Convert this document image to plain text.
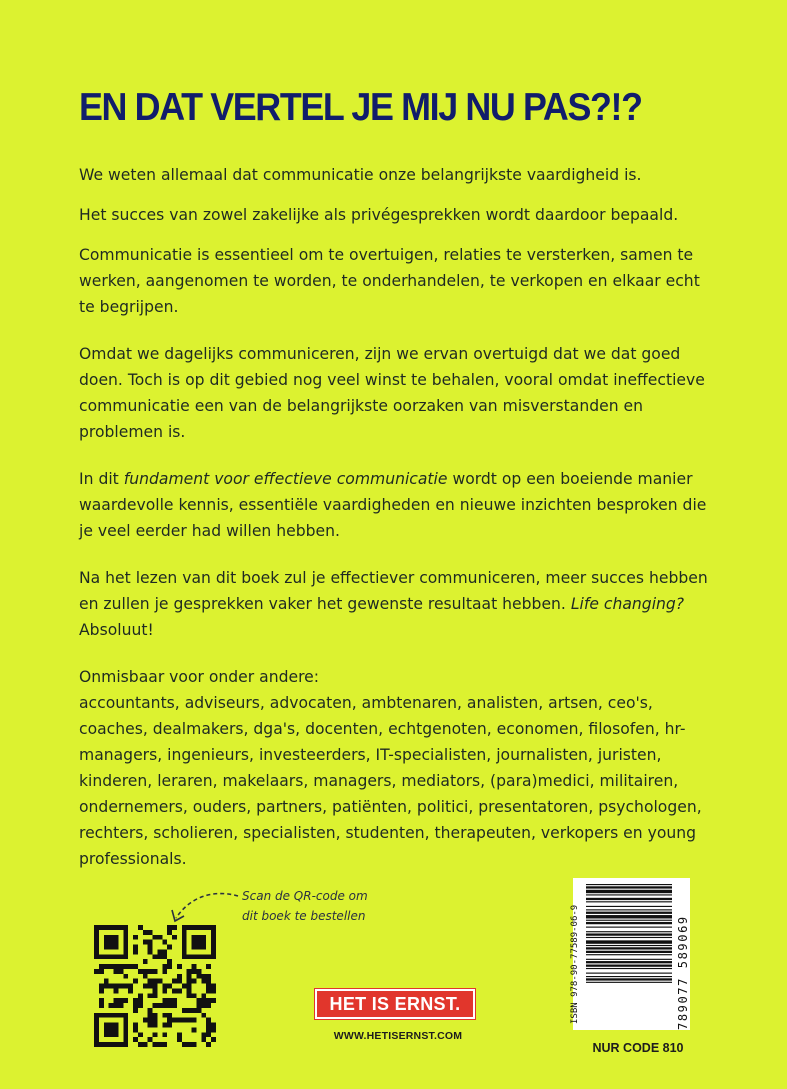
EN DAT VERTEL JE MIJ NU PAS?!?

We weten allemaal dat communicatie onze belangrijkste vaardigheid is.

Het succes van zowel zakelijke als privégesprekken wordt daardoor bepaald.

Communicatie is essentieel om te overtuigen, relaties te versterken, samen te werken, aangenomen te worden, te onderhandelen, te verkopen en elkaar echt te begrijpen.

Omdat we dagelijks communiceren, zijn we ervan overtuigd dat we dat goed doen. Toch is op dit gebied nog veel winst te behalen, vooral omdat ineffectieve communicatie een van de belangrijkste oorzaken van misverstanden en problemen is.

In dit fundament voor effectieve communicatie wordt op een boeiende manier waardevolle kennis, essentiële vaardigheden en nieuwe inzichten besproken die je veel eerder had willen hebben.

Na het lezen van dit boek zul je effectiever communiceren, meer succes hebben en zullen je gesprekken vaker het gewenste resultaat hebben. Life changing? Absoluut!

Onmisbaar voor onder andere:

accountants, adviseurs, advocaten, ambtenaren, analisten, artsen, ceo's, coaches, dealmakers, dga's, docenten, echtgenoten, economen, filosofen, hr-managers, ingenieurs, investeerders, IT-specialisten, journalisten, juristen, kinderen, leraren, makelaars, managers, mediators, (para)medici, militairen, ondernemers, ouders, partners, patiënten, politici, presentatoren, psychologen, rechters, scholieren, specialisten, studenten, therapeuten, verkopers en young professionals.

Scan de QR-code om dit boek te bestellen
HET IS ERNST.
WWW.HETISERNST.COM
ISBN 978-90-77589-06-9	789077 589069
NUR CODE 810
